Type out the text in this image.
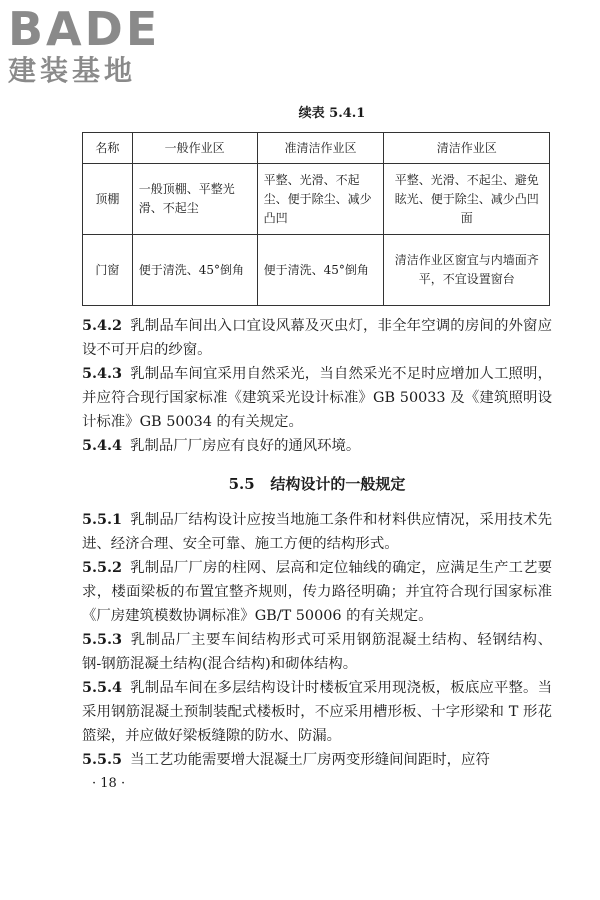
BADE
建装基地
续表 5.4.1
名称	一般作业区	准清洁作业区	清洁作业区
顶棚	一般顶棚、平整光滑、不起尘	平整、光滑、不起尘、便于除尘、减少凸凹	平整、光滑、不起尘、避免眩光、便于除尘、减少凸凹面
门窗	便于清洗、45°倒角	便于清洗、45°倒角	清洁作业区窗宜与内墙面齐平，不宜设置窗台

5.4.2 乳制品车间出入口宜设风幕及灭虫灯，非全年空调的房间的外窗应设不可开启的纱窗。

5.4.3 乳制品车间宜采用自然采光，当自然采光不足时应增加人工照明，并应符合现行国家标准《建筑采光设计标准》GB 50033 及《建筑照明设计标准》GB 50034 的有关规定。

5.4.4 乳制品厂厂房应有良好的通风环境。

5.5 结构设计的一般规定

5.5.1 乳制品厂结构设计应按当地施工条件和材料供应情况，采用技术先进、经济合理、安全可靠、施工方便的结构形式。

5.5.2 乳制品厂厂房的柱网、层高和定位轴线的确定，应满足生产工艺要求，楼面梁板的布置宜整齐规则，传力路径明确；并宜符合现行国家标准《厂房建筑模数协调标准》GB/T 50006 的有关规定。

5.5.3 乳制品厂主要车间结构形式可采用钢筋混凝土结构、轻钢结构、钢-钢筋混凝土结构(混合结构)和砌体结构。

5.5.4 乳制品车间在多层结构设计时楼板宜采用现浇板，板底应平整。当采用钢筋混凝土预制装配式楼板时，不应采用槽形板、十字形梁和 T 形花篮梁，并应做好梁板缝隙的防水、防漏。

5.5.5 当工艺功能需要增大混凝土厂房两变形缝间间距时，应符

· 18 ·
